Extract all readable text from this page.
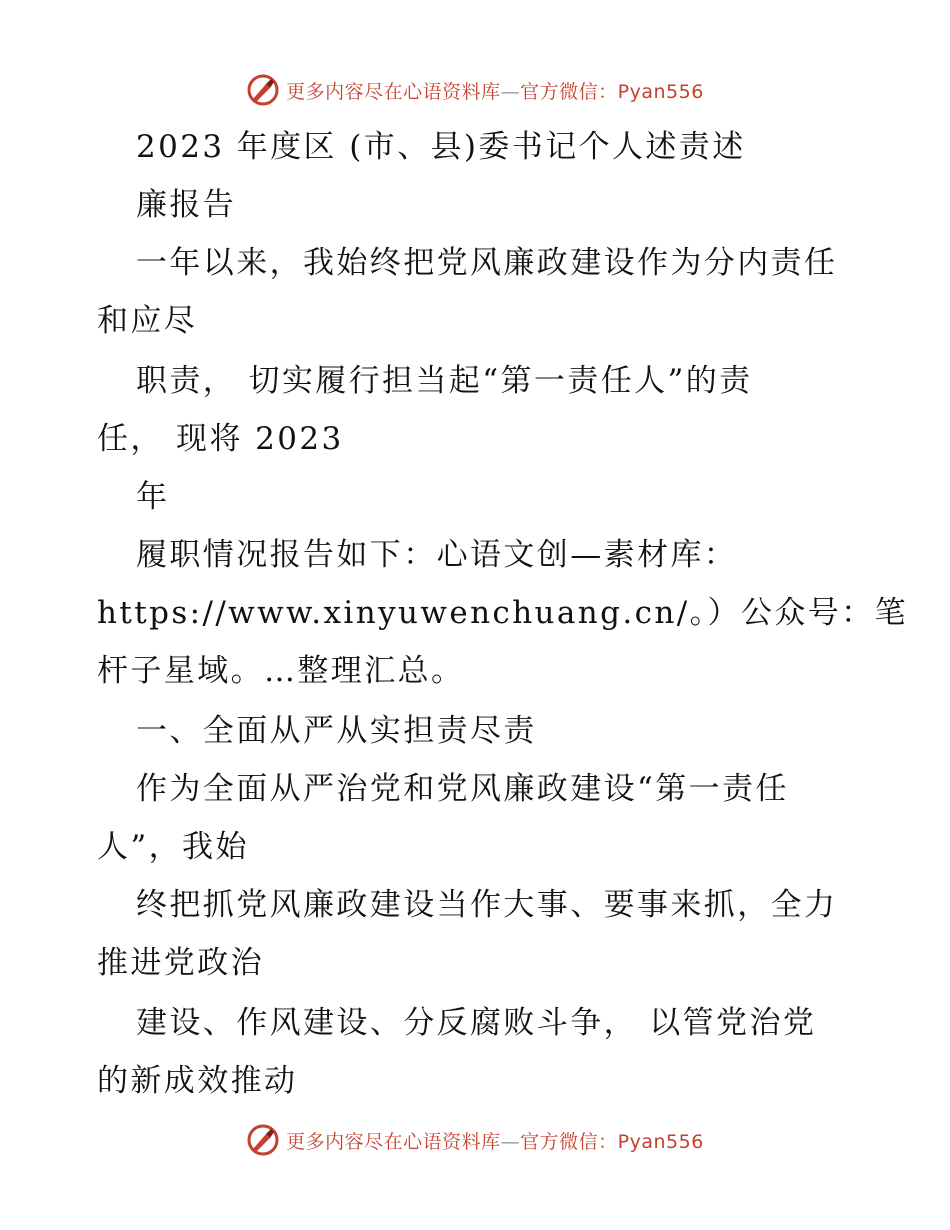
更多内容尽在心语资料库—官方微信：Pyan556
2023 年度区 (市、县)委书记个人述责述
廉报告
一年以来，我始终把党风廉政建设作为分内责任
和应尽
职责， 切实履行担当起“第一责任人”的责
任， 现将 2023
年
履职情况报告如下：心语文创—素材库：
https://www.xinyuwenchuang.cn/。）公众号：笔
杆子星域。…整理汇总。
一、全面从严从实担责尽责
作为全面从严治党和党风廉政建设“第一责任
人”，我始
终把抓党风廉政建设当作大事、要事来抓，全力
推进党政治
建设、作风建设、分反腐败斗争， 以管党治党
的新成效推动
更多内容尽在心语资料库—官方微信：Pyan556
